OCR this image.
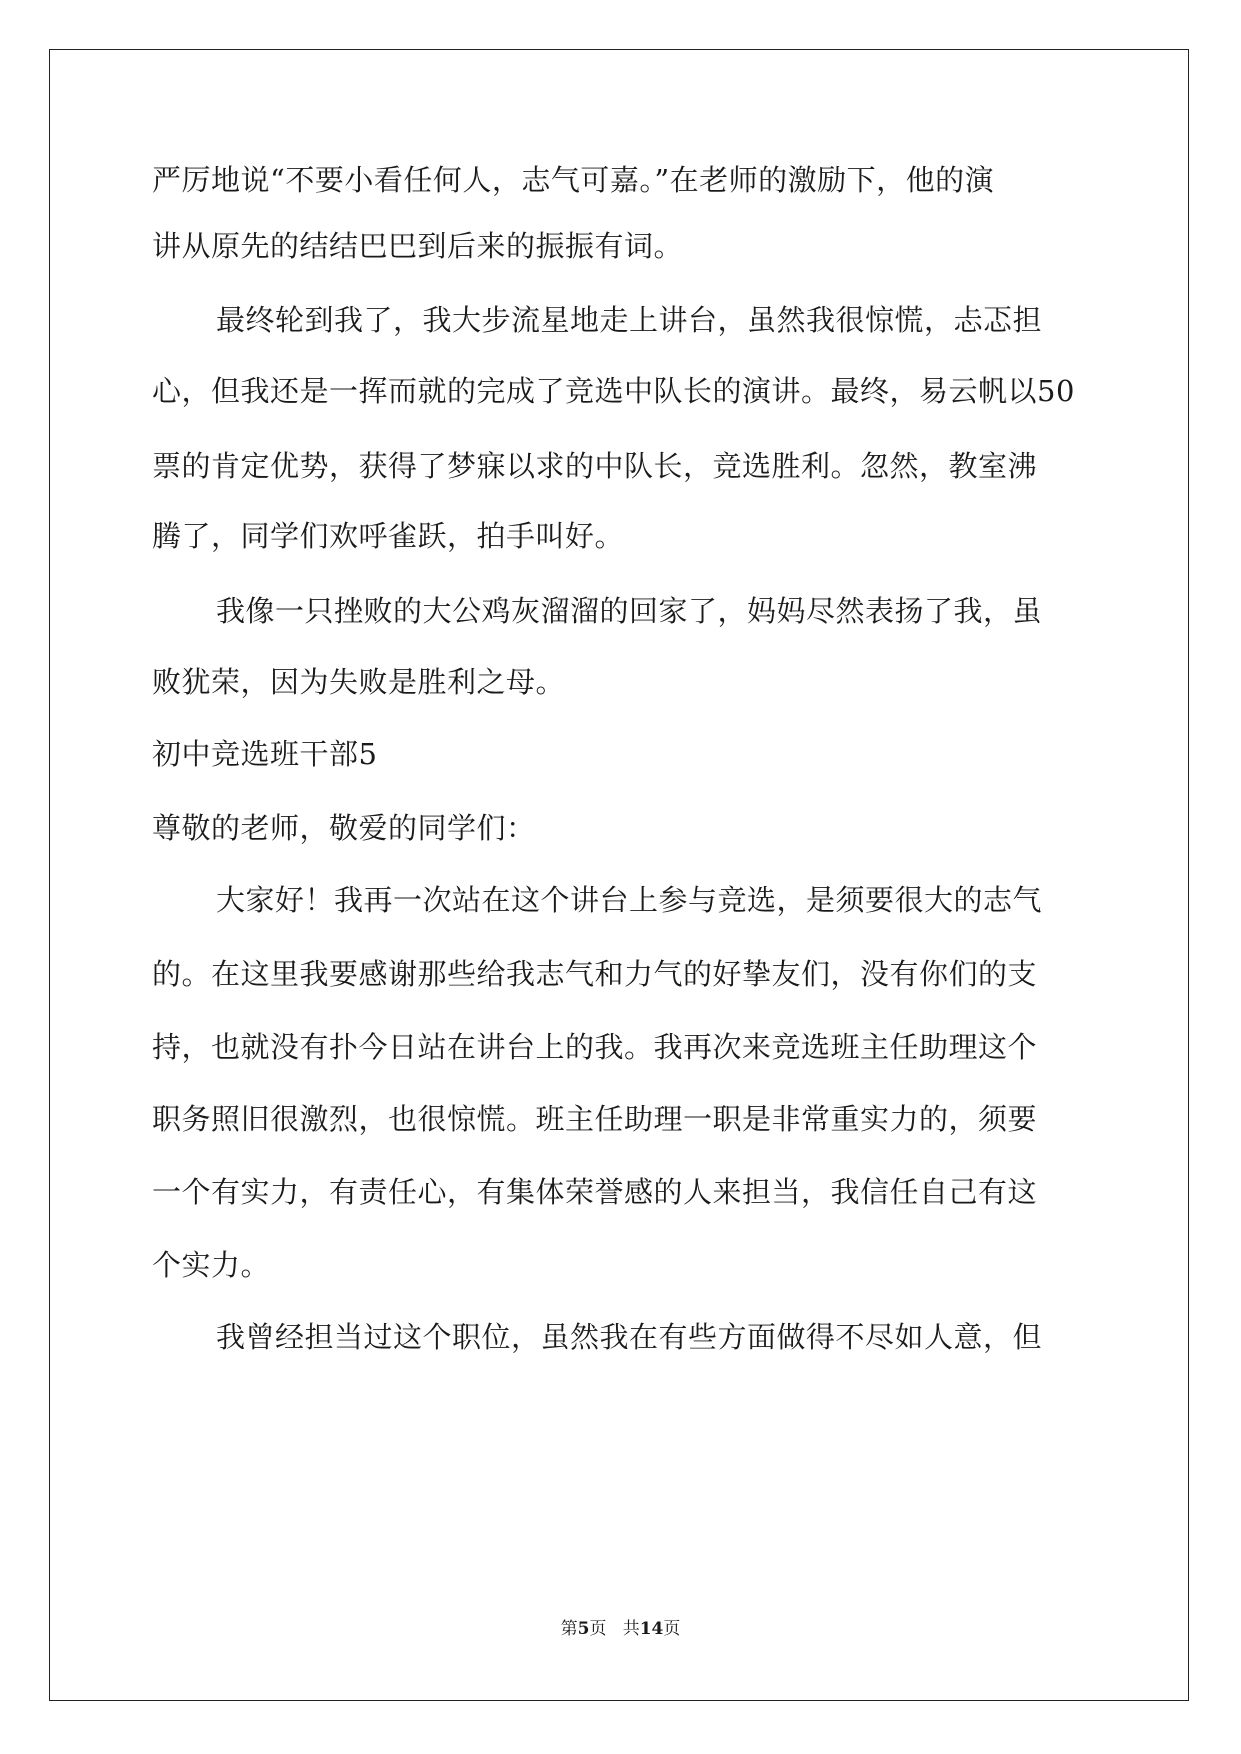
严厉地说“不要小看任何人，志气可嘉。”在老师的激励下，他的演
讲从原先的结结巴巴到后来的振振有词。
最终轮到我了，我大步流星地走上讲台，虽然我很惊慌，忐忑担
心，但我还是一挥而就的完成了竞选中队长的演讲。最终，易云帆以50
票的肯定优势，获得了梦寐以求的中队长，竞选胜利。忽然，教室沸
腾了，同学们欢呼雀跃，拍手叫好。
我像一只挫败的大公鸡灰溜溜的回家了，妈妈尽然表扬了我，虽
败犹荣，因为失败是胜利之母。
初中竞选班干部5
尊敬的老师，敬爱的同学们：
大家好！我再一次站在这个讲台上参与竞选，是须要很大的志气
的。在这里我要感谢那些给我志气和力气的好挚友们，没有你们的支
持，也就没有扑今日站在讲台上的我。我再次来竞选班主任助理这个
职务照旧很激烈，也很惊慌。班主任助理一职是非常重实力的，须要
一个有实力，有责任心，有集体荣誉感的人来担当，我信任自己有这
个实力。
我曾经担当过这个职位，虽然我在有些方面做得不尽如人意，但
第5页 共14页
